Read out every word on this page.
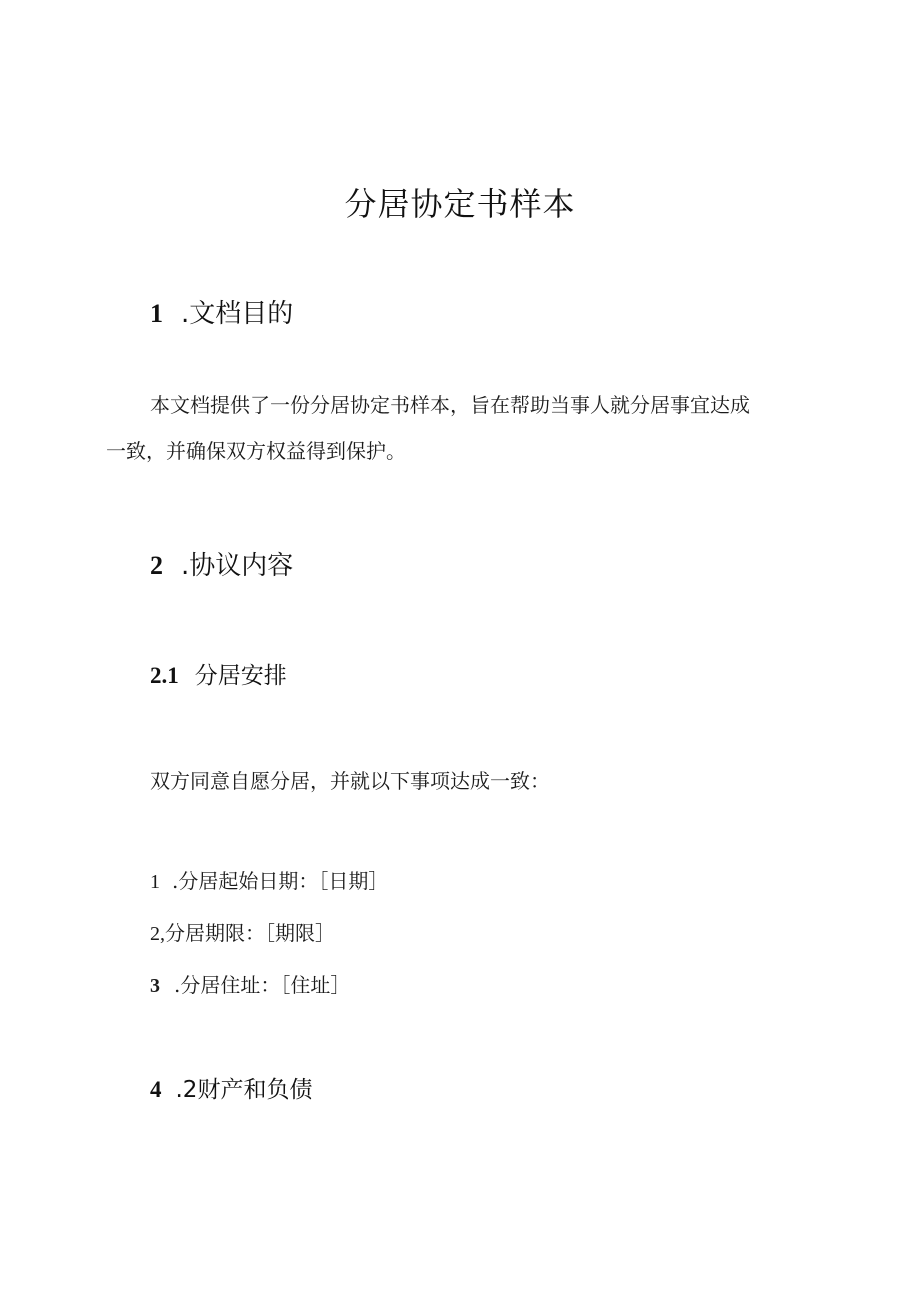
分居协定书样本
1 .文档目的
本文档提供了一份分居协定书样本，旨在帮助当事人就分居事宜达成
一致，并确保双方权益得到保护。
2 .协议内容
2.1 分居安排
双方同意自愿分居，并就以下事项达成一致：
1 .分居起始日期：［日期］
2,分居期限：［期限］
3 .分居住址：［住址］
4 .2财产和负债
